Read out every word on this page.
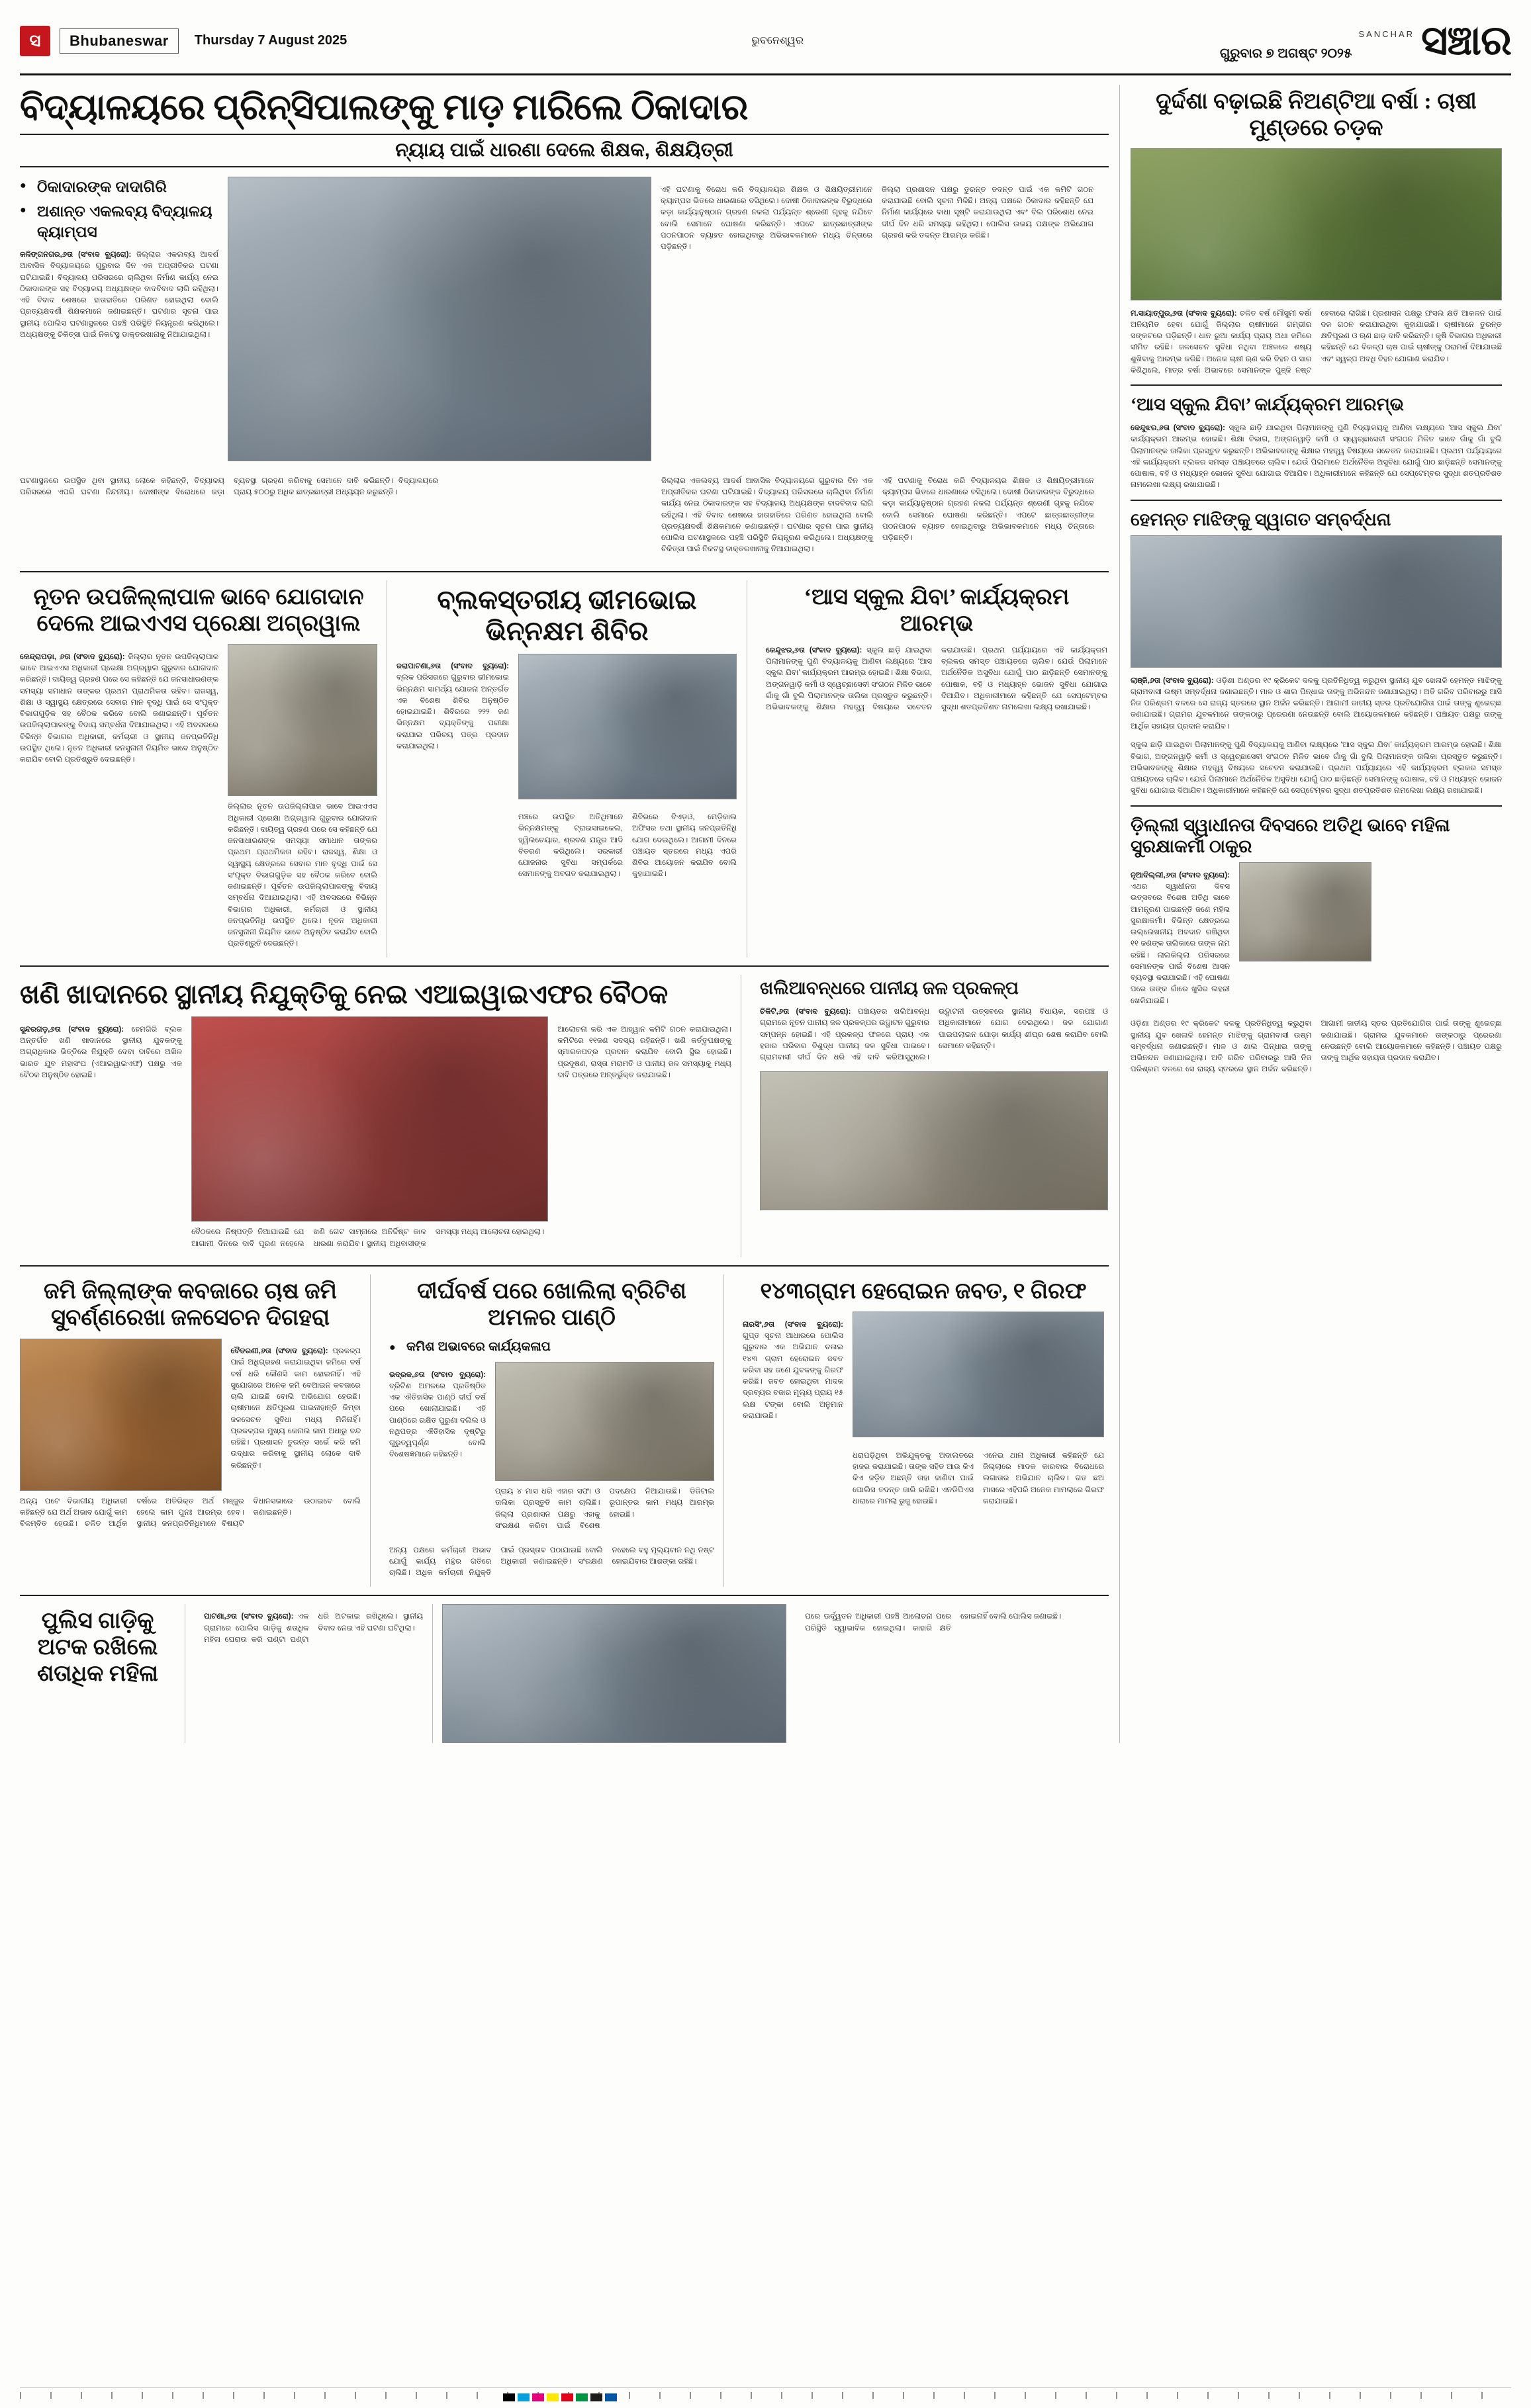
ସ	Bhubaneswar	Thursday 7 August 2025	ଭୁବନେଶ୍ୱର
ଗୁରୁବାର ୭ ଅଗଷ୍ଟ ୨୦୨୫
SANCHAR ସଞ୍ଚାର
ବିଦ୍ୟାଳୟରେ ପ୍ରିନ୍ସିପାଲଙ୍କୁ ମାଡ଼ ମାରିଲେ ଠିକାଦାର
ନ୍ୟାୟ ପାଇଁ ଧାରଣା ଦେଲେ ଶିକ୍ଷକ, ଶିକ୍ଷୟିତ୍ରୀ
● ଠିକାଦାରଙ୍କ ଦାଦାଗିରି
● ଅଶାନ୍ତ ଏକଲବ୍ୟ ବିଦ୍ୟାଳୟ କ୍ୟାମ୍ପସ

କଳିଙ୍ଗନଗର,୬ତା (ସଂବାଦ ବ୍ୟୁରୋ): ଜିଲ୍ଲାର ଏକଲବ୍ୟ ଆଦର୍ଶ ଆବାସିକ ବିଦ୍ୟାଳୟରେ ଗୁରୁବାର ଦିନ ଏକ ଅପ୍ରୀତିକର ଘଟଣା ଘଟିଯାଇଛି। ବିଦ୍ୟାଳୟ ପରିସରରେ ଚାଲିଥିବା ନିର୍ମାଣ କାର୍ଯ୍ୟ ନେଇ ଠିକାଦାରଙ୍କ ସହ ବିଦ୍ୟାଳୟ ଅଧ୍ୟକ୍ଷଙ୍କ ବାଦବିବାଦ ଲାଗି ରହିଥିଲା। ଏହି ବିବାଦ ଶେଷରେ ହାତାହାତିରେ ପରିଣତ ହୋଇଥିଲା ବୋଲି ପ୍ରତ୍ୟକ୍ଷଦର୍ଶୀ ଶିକ୍ଷକମାନେ ଜଣାଇଛନ୍ତି। ଘଟଣାର ସୂଚନା ପାଇ ସ୍ଥାନୀୟ ପୋଲିସ ଘଟଣାସ୍ଥଳରେ ପହଞ୍ଚି ପରିସ୍ଥିତି ନିୟନ୍ତ୍ରଣ କରିଥିଲେ। ଅଧ୍ୟକ୍ଷଙ୍କୁ ଚିକିତ୍ସା ପାଇଁ ନିକଟସ୍ଥ ଡାକ୍ତରଖାନାକୁ ନିଆଯାଇଥିଲା।

ଏହି ଘଟଣାକୁ ବିରୋଧ କରି ବିଦ୍ୟାଳୟର ଶିକ୍ଷକ ଓ ଶିକ୍ଷୟିତ୍ରୀମାନେ କ୍ୟାମ୍ପସ ଭିତରେ ଧାରଣାରେ ବସିଥିଲେ। ଦୋଷୀ ଠିକାଦାରଙ୍କ ବିରୁଦ୍ଧରେ କଡ଼ା କାର୍ଯ୍ୟାନୁଷ୍ଠାନ ଗ୍ରହଣ ନକଲା ପର୍ଯ୍ୟନ୍ତ ଶ୍ରେଣୀ ଗୃହକୁ ନଯିବେ ବୋଲି ସେମାନେ ଘୋଷଣା କରିଛନ୍ତି। ଏପଟେ ଛାତ୍ରଛାତ୍ରୀଙ୍କ ପଠନପାଠନ ବ୍ୟାହତ ହୋଇଥିବାରୁ ଅଭିଭାବକମାନେ ମଧ୍ୟ ଚିନ୍ତାରେ ପଡ଼ିଛନ୍ତି।

ଜିଲ୍ଲା ପ୍ରଶାସନ ପକ୍ଷରୁ ତୁରନ୍ତ ତଦନ୍ତ ପାଇଁ ଏକ କମିଟି ଗଠନ କରାଯାଇଛି ବୋଲି ସୂଚନା ମିଳିଛି। ଅନ୍ୟ ପକ୍ଷରେ ଠିକାଦାର କହିଛନ୍ତି ଯେ ନିର୍ମାଣ କାର୍ଯ୍ୟରେ ବାଧା ସୃଷ୍ଟି କରାଯାଉଥିଲା ଏବଂ ବିଲ ପରିଶୋଧ ନେଇ ଦୀର୍ଘ ଦିନ ଧରି ସମସ୍ୟା ରହିଥିଲା। ପୋଲିସ ଉଭୟ ପକ୍ଷଙ୍କ ଅଭିଯୋଗ ଗ୍ରହଣ କରି ତଦନ୍ତ ଆରମ୍ଭ କରିଛି।

ଘଟଣାସ୍ଥଳରେ ଉପସ୍ଥିତ ଥିବା ସ୍ଥାନୀୟ ଲୋକେ କହିଛନ୍ତି, ବିଦ୍ୟାଳୟ ପରିସରରେ ଏପରି ଘଟଣା ନିନ୍ଦନୀୟ। ଦୋଷୀଙ୍କ ବିରୋଧରେ କଡ଼ା ବ୍ୟବସ୍ଥା ଗ୍ରହଣ କରିବାକୁ ସେମାନେ ଦାବି କରିଛନ୍ତି। ବିଦ୍ୟାଳୟରେ ପ୍ରାୟ ୫୦୦ରୁ ଅଧିକ ଛାତ୍ରଛାତ୍ରୀ ଅଧ୍ୟୟନ କରୁଛନ୍ତି।

ଜିଲ୍ଲାର ଏକଲବ୍ୟ ଆଦର୍ଶ ଆବାସିକ ବିଦ୍ୟାଳୟରେ ଗୁରୁବାର ଦିନ ଏକ ଅପ୍ରୀତିକର ଘଟଣା ଘଟିଯାଇଛି। ବିଦ୍ୟାଳୟ ପରିସରରେ ଚାଲିଥିବା ନିର୍ମାଣ କାର୍ଯ୍ୟ ନେଇ ଠିକାଦାରଙ୍କ ସହ ବିଦ୍ୟାଳୟ ଅଧ୍ୟକ୍ଷଙ୍କ ବାଦବିବାଦ ଲାଗି ରହିଥିଲା। ଏହି ବିବାଦ ଶେଷରେ ହାତାହାତିରେ ପରିଣତ ହୋଇଥିଲା ବୋଲି ପ୍ରତ୍ୟକ୍ଷଦର୍ଶୀ ଶିକ୍ଷକମାନେ ଜଣାଇଛନ୍ତି। ଘଟଣାର ସୂଚନା ପାଇ ସ୍ଥାନୀୟ ପୋଲିସ ଘଟଣାସ୍ଥଳରେ ପହଞ୍ଚି ପରିସ୍ଥିତି ନିୟନ୍ତ୍ରଣ କରିଥିଲେ। ଅଧ୍ୟକ୍ଷଙ୍କୁ ଚିକିତ୍ସା ପାଇଁ ନିକଟସ୍ଥ ଡାକ୍ତରଖାନାକୁ ନିଆଯାଇଥିଲା।

ଏହି ଘଟଣାକୁ ବିରୋଧ କରି ବିଦ୍ୟାଳୟର ଶିକ୍ଷକ ଓ ଶିକ୍ଷୟିତ୍ରୀମାନେ କ୍ୟାମ୍ପସ ଭିତରେ ଧାରଣାରେ ବସିଥିଲେ। ଦୋଷୀ ଠିକାଦାରଙ୍କ ବିରୁଦ୍ଧରେ କଡ଼ା କାର୍ଯ୍ୟାନୁଷ୍ଠାନ ଗ୍ରହଣ ନକଲା ପର୍ଯ୍ୟନ୍ତ ଶ୍ରେଣୀ ଗୃହକୁ ନଯିବେ ବୋଲି ସେମାନେ ଘୋଷଣା କରିଛନ୍ତି। ଏପଟେ ଛାତ୍ରଛାତ୍ରୀଙ୍କ ପଠନପାଠନ ବ୍ୟାହତ ହୋଇଥିବାରୁ ଅଭିଭାବକମାନେ ମଧ୍ୟ ଚିନ୍ତାରେ ପଡ଼ିଛନ୍ତି।

ନୂତନ ଉପଜିଲ୍ଲାପାଳ ଭାବେ ଯୋଗଦାନ ଦେଲେ ଆଇଏଏସ ପ୍ରେକ୍ଷା ଅଗ୍ରୱାଲ

କେନ୍ଦ୍ରାପଡ଼ା, ୬ତା (ସଂବାଦ ବ୍ୟୁରୋ): ଜିଲ୍ଲାର ନୂତନ ଉପଜିଲ୍ଲାପାଳ ଭାବେ ଆଇଏଏସ ଅଧିକାରୀ ପ୍ରେକ୍ଷା ଅଗ୍ରୱାଲ ଗୁରୁବାର ଯୋଗଦାନ କରିଛନ୍ତି। ଦାୟିତ୍ୱ ଗ୍ରହଣ ପରେ ସେ କହିଛନ୍ତି ଯେ ଜନସାଧାରଣଙ୍କ ସମସ୍ୟା ସମାଧାନ ତାଙ୍କର ପ୍ରଥମ ପ୍ରାଥମିକତା ରହିବ। ରାଜସ୍ୱ, ଶିକ୍ଷା ଓ ସ୍ୱାସ୍ଥ୍ୟ କ୍ଷେତ୍ରରେ ସେବାର ମାନ ବୃଦ୍ଧି ପାଇଁ ସେ ସଂପୃକ୍ତ ବିଭାଗଗୁଡ଼ିକ ସହ ବୈଠକ କରିବେ ବୋଲି ଜଣାଇଛନ୍ତି। ପୂର୍ବତନ ଉପଜିଲ୍ଲାପାଳଙ୍କୁ ବିଦାୟ ସମ୍ବର୍ଧନା ଦିଆଯାଇଥିଲା। ଏହି ଅବସରରେ ବିଭିନ୍ନ ବିଭାଗର ଅଧିକାରୀ, କର୍ମଚାରୀ ଓ ସ୍ଥାନୀୟ ଜନପ୍ରତିନିଧି ଉପସ୍ଥିତ ଥିଲେ। ନୂତନ ଅଧିକାରୀ ଜନସୁନାନୀ ନିୟମିତ ଭାବେ ଅନୁଷ୍ଠିତ କରାଯିବ ବୋଲି ପ୍ରତିଶ୍ରୁତି ଦେଇଛନ୍ତି।

ଜିଲ୍ଲାର ନୂତନ ଉପଜିଲ୍ଲାପାଳ ଭାବେ ଆଇଏଏସ ଅଧିକାରୀ ପ୍ରେକ୍ଷା ଅଗ୍ରୱାଲ ଗୁରୁବାର ଯୋଗଦାନ କରିଛନ୍ତି। ଦାୟିତ୍ୱ ଗ୍ରହଣ ପରେ ସେ କହିଛନ୍ତି ଯେ ଜନସାଧାରଣଙ୍କ ସମସ୍ୟା ସମାଧାନ ତାଙ୍କର ପ୍ରଥମ ପ୍ରାଥମିକତା ରହିବ। ରାଜସ୍ୱ, ଶିକ୍ଷା ଓ ସ୍ୱାସ୍ଥ୍ୟ କ୍ଷେତ୍ରରେ ସେବାର ମାନ ବୃଦ୍ଧି ପାଇଁ ସେ ସଂପୃକ୍ତ ବିଭାଗଗୁଡ଼ିକ ସହ ବୈଠକ କରିବେ ବୋଲି ଜଣାଇଛନ୍ତି। ପୂର୍ବତନ ଉପଜିଲ୍ଲାପାଳଙ୍କୁ ବିଦାୟ ସମ୍ବର୍ଧନା ଦିଆଯାଇଥିଲା। ଏହି ଅବସରରେ ବିଭିନ୍ନ ବିଭାଗର ଅଧିକାରୀ, କର୍ମଚାରୀ ଓ ସ୍ଥାନୀୟ ଜନପ୍ରତିନିଧି ଉପସ୍ଥିତ ଥିଲେ। ନୂତନ ଅଧିକାରୀ ଜନସୁନାନୀ ନିୟମିତ ଭାବେ ଅନୁଷ୍ଠିତ କରାଯିବ ବୋଲି ପ୍ରତିଶ୍ରୁତି ଦେଇଛନ୍ତି।

ବ୍ଲକସ୍ତରୀୟ ଭୀମଭୋଇ ଭିନ୍ନକ୍ଷମ ଶିବିର

ଜରାପାଟଣା,୬ତା (ସଂବାଦ ବ୍ୟୁରୋ): ବ୍ଲକ ପରିସରରେ ଗୁରୁବାର ଭୀମଭୋଇ ଭିନ୍ନକ୍ଷମ ସାମର୍ଥ୍ୟ ଯୋଜନା ଅନ୍ତର୍ଗତ ଏକ ବିଶେଷ ଶିବିର ଅନୁଷ୍ଠିତ ହୋଇଯାଇଛି। ଶିବିରରେ ୨୨୨ ଜଣ ଭିନ୍ନକ୍ଷମ ବ୍ୟକ୍ତିଙ୍କୁ ପରୀକ୍ଷା କରାଯାଇ ପରିଚୟ ପତ୍ର ପ୍ରଦାନ କରାଯାଇଥିଲା।

ମଞ୍ଚରେ ଉପସ୍ଥିତ ଅତିଥିମାନେ ଭିନ୍ନକ୍ଷମଙ୍କୁ ଟ୍ରାଇସାଇକେଲ, ହ୍ୱିଲଚେୟାର, ଶ୍ରବଣ ଯନ୍ତ୍ର ଆଦି ବିତରଣ କରିଥିଲେ। ସରକାରୀ ଯୋଜନାର ସୁବିଧା ସମ୍ପର୍କରେ ସେମାନଙ୍କୁ ଅବଗତ କରାଯାଇଥିଲା।

ଶିବିରରେ ବିଏଡ଼ଓ, ମେଡ଼ିକାଲ ଅଫିସର ତଥା ସ୍ଥାନୀୟ ଜନପ୍ରତିନିଧି ଯୋଗ ଦେଇଥିଲେ। ଆଗାମୀ ଦିନରେ ପଞ୍ଚାୟତ ସ୍ତରରେ ମଧ୍ୟ ଏପରି ଶିବିର ଆୟୋଜନ କରାଯିବ ବୋଲି କୁହାଯାଇଛି।

‘ଆସ ସ୍କୁଲ ଯିବା’ କାର୍ଯ୍ୟକ୍ରମ ଆରମ୍ଭ

କେନ୍ଦୁଝର,୬ତା (ସଂବାଦ ବ୍ୟୁରୋ): ସ୍କୁଲ ଛାଡ଼ି ଯାଇଥିବା ପିଲାମାନଙ୍କୁ ପୁଣି ବିଦ୍ୟାଳୟକୁ ଆଣିବା ଲକ୍ଷ୍ୟରେ ‘ଆସ ସ୍କୁଲ ଯିବା’ କାର୍ଯ୍ୟକ୍ରମ ଆରମ୍ଭ ହୋଇଛି। ଶିକ୍ଷା ବିଭାଗ, ଅଙ୍ଗନୱାଡ଼ି କର୍ମୀ ଓ ସ୍ୱେଚ୍ଛାସେବୀ ସଂଗଠନ ମିଳିତ ଭାବେ ଗାଁକୁ ଗାଁ ବୁଲି ପିଲାମାନଙ୍କ ତାଲିକା ପ୍ରସ୍ତୁତ କରୁଛନ୍ତି। ଅଭିଭାବକଙ୍କୁ ଶିକ୍ଷାର ମହତ୍ତ୍ୱ ବିଷୟରେ ସଚେତନ କରାଯାଉଛି। ପ୍ରଥମ ପର୍ଯ୍ୟାୟରେ ଏହି କାର୍ଯ୍ୟକ୍ରମ ବ୍ଲକର ସମସ୍ତ ପଞ୍ଚାୟତରେ ଚାଲିବ। ଯେଉଁ ପିଲାମାନେ ଅର୍ଥନୈତିକ ଅସୁବିଧା ଯୋଗୁଁ ପାଠ ଛାଡ଼ିଛନ୍ତି ସେମାନଙ୍କୁ ପୋଷାକ, ବହି ଓ ମଧ୍ୟାହ୍ନ ଭୋଜନ ସୁବିଧା ଯୋଗାଇ ଦିଆଯିବ। ଅଧିକାରୀମାନେ କହିଛନ୍ତି ଯେ ସେପ୍ଟେମ୍ବର ସୁଦ୍ଧା ଶତପ୍ରତିଶତ ନାମଲେଖା ଲକ୍ଷ୍ୟ ରଖାଯାଇଛି।

ଖଣି ଖାଦାନରେ ସ୍ଥାନୀୟ ନିଯୁକ୍ତିକୁ ନେଇ ଏଆଇୱାଇଏଫର ବୈଠକ

ସୁନ୍ଦରଗଡ଼,୬ତା (ସଂବାଦ ବ୍ୟୁରୋ): ହେମଗିରି ବ୍ଲକ ଅନ୍ତର୍ଗତ ଖଣି ଖାଦାନରେ ସ୍ଥାନୀୟ ଯୁବକଙ୍କୁ ଅଗ୍ରାଧିକାର ଭିତ୍ତିରେ ନିଯୁକ୍ତି ଦେବା ଦାବିରେ ଅଖିଳ ଭାରତ ଯୁବ ମହାସଂଘ (ଏଆଇୱାଇଏଫ) ପକ୍ଷରୁ ଏକ ବୈଠକ ଅନୁଷ୍ଠିତ ହୋଇଛି।

ବୈଠକରେ ନିଷ୍ପତ୍ତି ନିଆଯାଇଛି ଯେ ଆଗାମୀ ଦିନରେ ଦାବି ପୂରଣ ନହେଲେ ଖଣି ଗେଟ ସାମ୍ନାରେ ଅନିର୍ଦ୍ଦିଷ୍ଟ କାଳ ଧାରଣା କରାଯିବ। ସ୍ଥାନୀୟ ଅଧିବାସୀଙ୍କ ସମସ୍ୟା ମଧ୍ୟ ଆଲୋଚନା ହୋଇଥିଲା।

ଆଲୋଚନା କରି ଏକ ଆହ୍ୱାନ କମିଟି ଗଠନ କରାଯାଇଥିଲା। କମିଟିରେ ୧୧ଜଣ ସଦସ୍ୟ ରହିଛନ୍ତି। ଖଣି କର୍ତ୍ତୃପକ୍ଷଙ୍କୁ ସ୍ମାରକପତ୍ର ପ୍ରଦାନ କରାଯିବ ବୋଲି ସ୍ଥିର ହୋଇଛି। ପ୍ରଦୂଷଣ, ରାସ୍ତା ମରାମତି ଓ ପାନୀୟ ଜଳ ସମସ୍ୟାକୁ ମଧ୍ୟ ଦାବି ପତ୍ରରେ ଅନ୍ତର୍ଭୁକ୍ତ କରାଯାଇଛି।

ଖଲିଆବନ୍ଧରେ ପାନୀୟ ଜଳ ପ୍ରକଳ୍ପ

ଚିକିଟି,୬ତା (ସଂବାଦ ବ୍ୟୁରୋ): ପଞ୍ଚାୟତର ଖଲିଆବନ୍ଧ ଗ୍ରାମରେ ନୂତନ ପାନୀୟ ଜଳ ପ୍ରକଳ୍ପର ଉଦ୍ଘାଟନ ଗୁରୁବାର ସମ୍ପନ୍ନ ହୋଇଛି। ଏହି ପ୍ରକଳ୍ପ ଫଳରେ ପ୍ରାୟ ଏକ ହଜାର ପରିବାର ବିଶୁଦ୍ଧ ପାନୀୟ ଜଳ ସୁବିଧା ପାଇବେ। ଗ୍ରାମବାସୀ ଦୀର୍ଘ ଦିନ ଧରି ଏହି ଦାବି କରିଆସୁଥିଲେ। ଉଦ୍ଘାଟନୀ ଉତ୍ସବରେ ସ୍ଥାନୀୟ ବିଧାୟକ, ସରପଞ୍ଚ ଓ ଅଧିକାରୀମାନେ ଯୋଗ ଦେଇଥିଲେ। ଜଳ ଯୋଗାଣ ପାଇପଲାଇନ ଯୋଡ଼ା କାର୍ଯ୍ୟ ଶୀଘ୍ର ଶେଷ କରାଯିବ ବୋଲି ସେମାନେ କହିଛନ୍ତି।

ଜମି ଜିଲ୍ଲାଙ୍କ କବଜାରେ ଚାଷ ଜମି ସୁବର୍ଣ୍ଣରେଖା ଜଳସେଚନ ଦିଗହରା

ବୈତରଣୀ,୬ତା (ସଂବାଦ ବ୍ୟୁରୋ): ପ୍ରକଳ୍ପ ପାଇଁ ଅଧିଗ୍ରହଣ କରାଯାଇଥିବା ଜମିରେ ବର୍ଷ ବର୍ଷ ଧରି କୌଣସି କାମ ହୋଇନାହିଁ। ଏହି ସୁଯୋଗରେ ଅନେକ ଜମି ବେଆଇନ କବଜାରେ ଚାଲି ଯାଇଛି ବୋଲି ଅଭିଯୋଗ ହେଉଛି। ଚାଷୀମାନେ କ୍ଷତିପୂରଣ ପାଇନାହାନ୍ତି କିମ୍ବା ଜଳସେଚନ ସୁବିଧା ମଧ୍ୟ ମିଳିନାହିଁ। ପ୍ରକଳ୍ପର ମୁଖ୍ୟ କେନାଲ କାମ ଅଧାରୁ ବନ୍ଦ ରହିଛି। ପ୍ରଶାସନ ତୁରନ୍ତ ସର୍ଭେ କରି ଜମି ଉଦ୍ଧାର କରିବାକୁ ସ୍ଥାନୀୟ ଲୋକେ ଦାବି କରିଛନ୍ତି।

ଅନ୍ୟ ପଟେ ବିଭାଗୀୟ ଅଧିକାରୀ କହିଛନ୍ତି ଯେ ଅର୍ଥ ଅଭାବ ଯୋଗୁଁ କାମ ବିଳମ୍ବିତ ହେଉଛି। ଚଳିତ ଆର୍ଥିକ ବର୍ଷରେ ଅତିରିକ୍ତ ଅର୍ଥ ମଞ୍ଜୁର ହେଲେ କାମ ପୁନଃ ଆରମ୍ଭ ହେବ। ସ୍ଥାନୀୟ ଜନପ୍ରତିନିଧିମାନେ ବିଷୟଟି ବିଧାନସଭାରେ ଉଠାଇବେ ବୋଲି ଜଣାଇଛନ୍ତି।

ଦୀର୍ଘବର୍ଷ ପରେ ଖୋଲିଲା ବ୍ରିଟିଶ ଅମଳର ପାଣ୍ଠି
● କମିଶ ଅଭାବରେ କାର୍ଯ୍ୟକଳାପ

ଭଦ୍ରକ,୬ତା (ସଂବାଦ ବ୍ୟୁରୋ): ବ୍ରିଟିଶ ଅମଳରେ ପ୍ରତିଷ୍ଠିତ ଏକ ଐତିହାସିକ ପାଣ୍ଠି ଦୀର୍ଘ ବର୍ଷ ପରେ ଖୋଲାଯାଇଛି। ଏହି ପାଣ୍ଠିରେ ରକ୍ଷିତ ପୁରୁଣା ଦଲିଲ ଓ ନଥିପତ୍ର ଐତିହାସିକ ଦୃଷ୍ଟିରୁ ଗୁରୁତ୍ୱପୂର୍ଣ୍ଣ ବୋଲି ବିଶେଷଜ୍ଞମାନେ କହିଛନ୍ତି।

ପ୍ରାୟ ୪ ମାସ ଧରି ଏହାର ସଫା ଓ ତାଲିକା ପ୍ରସ୍ତୁତି କାମ ଚାଲିଛି। ଜିଲ୍ଲା ପ୍ରଶାସନ ପକ୍ଷରୁ ଏହାକୁ ସଂରକ୍ଷଣ କରିବା ପାଇଁ ବିଶେଷ ପଦକ୍ଷେପ ନିଆଯାଉଛି। ଡିଜିଟାଲ ରୂପାନ୍ତର କାମ ମଧ୍ୟ ଆରମ୍ଭ ହୋଇଛି।

ଅନ୍ୟ ପକ୍ଷରେ କର୍ମଚାରୀ ଅଭାବ ଯୋଗୁଁ କାର୍ଯ୍ୟ ମନ୍ଥର ଗତିରେ ଚାଲିଛି। ଅଧିକ କର୍ମଚାରୀ ନିଯୁକ୍ତି ପାଇଁ ପ୍ରସ୍ତାବ ପଠାଯାଇଛି ବୋଲି ଅଧିକାରୀ ଜଣାଇଛନ୍ତି। ସଂରକ୍ଷଣ ନହେଲେ ବହୁ ମୂଲ୍ୟବାନ ନଥି ନଷ୍ଟ ହୋଇଯିବାର ଆଶଙ୍କା ରହିଛି।

୧୪୩ଗ୍ରାମ ହେରୋଇନ ଜବତ, ୧ ଗିରଫ

ନାରସିଂ,୬ତା (ସଂବାଦ ବ୍ୟୁରୋ): ଗୁପ୍ତ ସୂଚନା ଆଧାରରେ ପୋଲିସ ଗୁରୁବାର ଏକ ଅଭିଯାନ ଚଳାଇ ୧୪୩ ଗ୍ରାମ ହେରୋଇନ ଜବତ କରିବା ସହ ଜଣେ ଯୁବକଙ୍କୁ ଗିରଫ କରିଛି। ଜବତ ହୋଇଥିବା ମାଦକ ଦ୍ରବ୍ୟର ବଜାର ମୂଲ୍ୟ ପ୍ରାୟ ୧୫ ଲକ୍ଷ ଟଙ୍କା ବୋଲି ଅନୁମାନ କରାଯାଉଛି।

ଧରାପଡ଼ିଥିବା ଅଭିଯୁକ୍ତକୁ ଅଦାଲତରେ ହାଜର କରାଯାଇଛି। ତାଙ୍କ ସହିତ ଆଉ କିଏ କିଏ ଜଡ଼ିତ ଅଛନ୍ତି ତାହା ଜାଣିବା ପାଇଁ ପୋଲିସ ତଦନ୍ତ ଜାରି ରଖିଛି। ଏନଡିପିଏସ ଧାରାରେ ମାମଲା ରୁଜୁ ହୋଇଛି।

ଏନେଇ ଥାନା ଅଧିକାରୀ କହିଛନ୍ତି ଯେ ଜିଲ୍ଲାରେ ମାଦକ କାରବାର ବିରୋଧରେ ଲଗାତାର ଅଭିଯାନ ଚାଲିବ। ଗତ ଛଅ ମାସରେ ଏହିପରି ଅନେକ ମାମଲାରେ ଗିରଫ କରାଯାଇଛି।

ପୁଲିସ ଗାଡ଼ିକୁ ଅଟକ ରଖିଲେ ଶତାଧିକ ମହିଳା

ପାଟଣା,୬ତା (ସଂବାଦ ବ୍ୟୁରୋ): ଏକ ଗ୍ରାମରେ ପୋଲିସ ଗାଡ଼ିକୁ ଶତାଧିକ ମହିଳା ଘେରାଉ କରି ଘଣ୍ଟା ଘଣ୍ଟା ଧରି ଅଟକାଇ ରଖିଥିଲେ। ସ୍ଥାନୀୟ ବିବାଦ ନେଇ ଏହି ଘଟଣା ଘଟିଥିଲା।

ପରେ ଊର୍ଦ୍ଧ୍ୱତନ ଅଧିକାରୀ ପହଞ୍ଚି ଆଲୋଚନା ପରେ ପରିସ୍ଥିତି ସ୍ୱାଭାବିକ ହୋଇଥିଲା। କାହାରି କ୍ଷତି ହୋଇନାହିଁ ବୋଲି ପୋଲିସ ଜଣାଇଛି।

ଦୁର୍ଦ୍ଦଶା ବଢ଼ାଇଛି ନିଅଣ୍ଟିଆ ବର୍ଷା : ଚାଷୀ ମୁଣ୍ଡରେ ଚଡ଼କ

ମ.ସାୟାତ୍ପୁର,୬ତା (ସଂବାଦ ବ୍ୟୁରୋ): ଚଳିତ ବର୍ଷ ମୌସୁମୀ ବର୍ଷା ଅନିୟମିତ ହେବା ଯୋଗୁଁ ଜିଲ୍ଲାର ଚାଷୀମାନେ ଗମ୍ଭୀର ସଙ୍କଟରେ ପଡ଼ିଛନ୍ତି। ଧାନ ରୁଆ କାର୍ଯ୍ୟ ପ୍ରାୟ ଅଧା ଜମିରେ ସୀମିତ ରହିଛି। ଜଳସେଚନ ସୁବିଧା ନଥିବା ଅଞ୍ଚଳରେ ଶଷ୍ୟ ଶୁଖିବାକୁ ଆରମ୍ଭ କରିଛି। ଅନେକ ଚାଷୀ ଋଣ କରି ବିହନ ଓ ସାର କିଣିଥିଲେ, ମାତ୍ର ବର୍ଷା ଅଭାବରେ ସେମାନଙ୍କ ପୁଞ୍ଜି ନଷ୍ଟ ହେବାରେ ଲାଗିଛି। ପ୍ରଶାସନ ପକ୍ଷରୁ ଫସଲ କ୍ଷତି ଆକଳନ ପାଇଁ ଦଳ ଗଠନ କରାଯାଇଥିବା କୁହାଯାଇଛି। ଚାଷୀମାନେ ତୁରନ୍ତ କ୍ଷତିପୂରଣ ଓ ଋଣ ଛାଡ଼ ଦାବି କରିଛନ୍ତି। କୃଷି ବିଭାଗର ଅଧିକାରୀ କହିଛନ୍ତି ଯେ ବିକଳ୍ପ ଚାଷ ପାଇଁ ଚାଷୀଙ୍କୁ ପରାମର୍ଶ ଦିଆଯାଉଛି ଏବଂ ସ୍ୱଳ୍ପ ଅବଧି ବିହନ ଯୋଗାଣ କରାଯିବ।

‘ଆସ ସ୍କୁଲ ଯିବା’ କାର୍ଯ୍ୟକ୍ରମ ଆରମ୍ଭ

କେନ୍ଦୁଝର,୬ତା (ସଂବାଦ ବ୍ୟୁରୋ): ସ୍କୁଲ ଛାଡ଼ି ଯାଇଥିବା ପିଲାମାନଙ୍କୁ ପୁଣି ବିଦ୍ୟାଳୟକୁ ଆଣିବା ଲକ୍ଷ୍ୟରେ ‘ଆସ ସ୍କୁଲ ଯିବା’ କାର୍ଯ୍ୟକ୍ରମ ଆରମ୍ଭ ହୋଇଛି। ଶିକ୍ଷା ବିଭାଗ, ଅଙ୍ଗନୱାଡ଼ି କର୍ମୀ ଓ ସ୍ୱେଚ୍ଛାସେବୀ ସଂଗଠନ ମିଳିତ ଭାବେ ଗାଁକୁ ଗାଁ ବୁଲି ପିଲାମାନଙ୍କ ତାଲିକା ପ୍ରସ୍ତୁତ କରୁଛନ୍ତି। ଅଭିଭାବକଙ୍କୁ ଶିକ୍ଷାର ମହତ୍ତ୍ୱ ବିଷୟରେ ସଚେତନ କରାଯାଉଛି। ପ୍ରଥମ ପର୍ଯ୍ୟାୟରେ ଏହି କାର୍ଯ୍ୟକ୍ରମ ବ୍ଲକର ସମସ୍ତ ପଞ୍ଚାୟତରେ ଚାଲିବ। ଯେଉଁ ପିଲାମାନେ ଅର୍ଥନୈତିକ ଅସୁବିଧା ଯୋଗୁଁ ପାଠ ଛାଡ଼ିଛନ୍ତି ସେମାନଙ୍କୁ ପୋଷାକ, ବହି ଓ ମଧ୍ୟାହ୍ନ ଭୋଜନ ସୁବିଧା ଯୋଗାଇ ଦିଆଯିବ। ଅଧିକାରୀମାନେ କହିଛନ୍ତି ଯେ ସେପ୍ଟେମ୍ବର ସୁଦ୍ଧା ଶତପ୍ରତିଶତ ନାମଲେଖା ଲକ୍ଷ୍ୟ ରଖାଯାଇଛି।

ହେମନ୍ତ ମାଝିଙ୍କୁ ସ୍ୱାଗତ ସମ୍ବର୍ଦ୍ଧନା

ଲାଞ୍ଜି,୬ତା (ସଂବାଦ ବ୍ୟୁରୋ): ଓଡ଼ିଶା ଅଣ୍ଡର ୧୯ କ୍ରିକେଟ ଦଳକୁ ପ୍ରତିନିଧିତ୍ୱ କରୁଥିବା ସ୍ଥାନୀୟ ଯୁବ ଖେଳାଳି ହେମନ୍ତ ମାଝିଙ୍କୁ ଗ୍ରାମବାସୀ ଉଷ୍ମ ସମ୍ବର୍ଦ୍ଧନା ଜଣାଇଛନ୍ତି। ମାଳ ଓ ଶାଲ ପିନ୍ଧାଇ ତାଙ୍କୁ ଅଭିନନ୍ଦନ ଜଣାଯାଇଥିଲା। ଅତି ଗରିବ ପରିବାରରୁ ଆସି ନିଜ ପରିଶ୍ରମ ବଳରେ ସେ ରାଜ୍ୟ ସ୍ତରରେ ସ୍ଥାନ ଅର୍ଜନ କରିଛନ୍ତି। ଆଗାମୀ ଜାତୀୟ ସ୍ତର ପ୍ରତିଯୋଗିତା ପାଇଁ ତାଙ୍କୁ ଶୁଭେଚ୍ଛା ଜଣାଯାଇଛି। ଗ୍ରାମର ଯୁବକମାନେ ତାଙ୍କଠାରୁ ପ୍ରେରଣା ନେଉଛନ୍ତି ବୋଲି ଆୟୋଜକମାନେ କହିଛନ୍ତି। ପଞ୍ଚାୟତ ପକ୍ଷରୁ ତାଙ୍କୁ ଆର୍ଥିକ ସହାୟତା ପ୍ରଦାନ କରାଯିବ।

ସ୍କୁଲ ଛାଡ଼ି ଯାଇଥିବା ପିଲାମାନଙ୍କୁ ପୁଣି ବିଦ୍ୟାଳୟକୁ ଆଣିବା ଲକ୍ଷ୍ୟରେ ‘ଆସ ସ୍କୁଲ ଯିବା’ କାର୍ଯ୍ୟକ୍ରମ ଆରମ୍ଭ ହୋଇଛି। ଶିକ୍ଷା ବିଭାଗ, ଅଙ୍ଗନୱାଡ଼ି କର୍ମୀ ଓ ସ୍ୱେଚ୍ଛାସେବୀ ସଂଗଠନ ମିଳିତ ଭାବେ ଗାଁକୁ ଗାଁ ବୁଲି ପିଲାମାନଙ୍କ ତାଲିକା ପ୍ରସ୍ତୁତ କରୁଛନ୍ତି। ଅଭିଭାବକଙ୍କୁ ଶିକ୍ଷାର ମହତ୍ତ୍ୱ ବିଷୟରେ ସଚେତନ କରାଯାଉଛି। ପ୍ରଥମ ପର୍ଯ୍ୟାୟରେ ଏହି କାର୍ଯ୍ୟକ୍ରମ ବ୍ଲକର ସମସ୍ତ ପଞ୍ଚାୟତରେ ଚାଲିବ। ଯେଉଁ ପିଲାମାନେ ଅର୍ଥନୈତିକ ଅସୁବିଧା ଯୋଗୁଁ ପାଠ ଛାଡ଼ିଛନ୍ତି ସେମାନଙ୍କୁ ପୋଷାକ, ବହି ଓ ମଧ୍ୟାହ୍ନ ଭୋଜନ ସୁବିଧା ଯୋଗାଇ ଦିଆଯିବ। ଅଧିକାରୀମାନେ କହିଛନ୍ତି ଯେ ସେପ୍ଟେମ୍ବର ସୁଦ୍ଧା ଶତପ୍ରତିଶତ ନାମଲେଖା ଲକ୍ଷ୍ୟ ରଖାଯାଇଛି।

ଡ଼ିଲ୍ଲୀ ସ୍ୱାଧୀନତା ଦିବସରେ ଅତିଥି ଭାବେ ମହିଳା ସୁରକ୍ଷାକର୍ମୀ ଠାକୁର

ନୂଆଦିଲ୍ଲୀ,୬ତା (ସଂବାଦ ବ୍ୟୁରୋ): ଏଥର ସ୍ୱାଧୀନତା ଦିବସ ଉତ୍ସବରେ ବିଶେଷ ଅତିଥି ଭାବେ ଆମନ୍ତ୍ରଣ ପାଇଛନ୍ତି ଜଣେ ମହିଳା ସୁରକ୍ଷାକର୍ମୀ। ବିଭିନ୍ନ କ୍ଷେତ୍ରରେ ଉଲ୍ଲେଖନୀୟ ଅବଦାନ ରଖିଥିବା ୧୧ ଜଣଙ୍କ ତାଲିକାରେ ତାଙ୍କ ନାମ ରହିଛି। ଲାଲକିଲ୍ଲା ପରିସରରେ ସେମାନଙ୍କ ପାଇଁ ବିଶେଷ ଆସନ ବ୍ୟବସ୍ଥା କରାଯାଇଛି। ଏହି ଘୋଷଣା ପରେ ତାଙ୍କ ଗାଁରେ ଖୁସିର ଲହରୀ ଖେଳିଯାଇଛି।

ଓଡ଼ିଶା ଅଣ୍ଡର ୧୯ କ୍ରିକେଟ ଦଳକୁ ପ୍ରତିନିଧିତ୍ୱ କରୁଥିବା ସ୍ଥାନୀୟ ଯୁବ ଖେଳାଳି ହେମନ୍ତ ମାଝିଙ୍କୁ ଗ୍ରାମବାସୀ ଉଷ୍ମ ସମ୍ବର୍ଦ୍ଧନା ଜଣାଇଛନ୍ତି। ମାଳ ଓ ଶାଲ ପିନ୍ଧାଇ ତାଙ୍କୁ ଅଭିନନ୍ଦନ ଜଣାଯାଇଥିଲା। ଅତି ଗରିବ ପରିବାରରୁ ଆସି ନିଜ ପରିଶ୍ରମ ବଳରେ ସେ ରାଜ୍ୟ ସ୍ତରରେ ସ୍ଥାନ ଅର୍ଜନ କରିଛନ୍ତି। ଆଗାମୀ ଜାତୀୟ ସ୍ତର ପ୍ରତିଯୋଗିତା ପାଇଁ ତାଙ୍କୁ ଶୁଭେଚ୍ଛା ଜଣାଯାଇଛି। ଗ୍ରାମର ଯୁବକମାନେ ତାଙ୍କଠାରୁ ପ୍ରେରଣା ନେଉଛନ୍ତି ବୋଲି ଆୟୋଜକମାନେ କହିଛନ୍ତି। ପଞ୍ଚାୟତ ପକ୍ଷରୁ ତାଙ୍କୁ ଆର୍ଥିକ ସହାୟତା ପ୍ରଦାନ କରାଯିବ।
